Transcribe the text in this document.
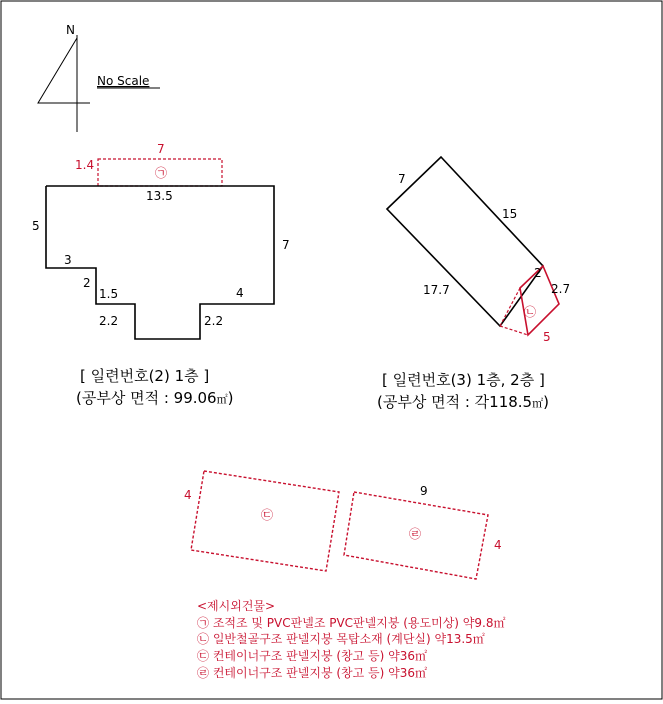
N
No Scale
7
1.4
㉠
13.5
5
3
2
1.5
2.2	2.2
4
7
[ 일련번호(2) 1층 ]
(공부상 면적 : 99.06㎡)
7
15
17.7
2
2.7
5
㉡
[ 일련번호(3) 1층, 2층 ]
(공부상 면적 : 각118.5㎡)
4	9
4
㉢
㉣
<제시외건물>
㉠ 조적조 및 PVC판넬조 PVC판넬지붕 (용도미상) 약9.8㎡
㉡ 일반철골구조 판넬지붕 목탑소재 (계단실) 약13.5㎡
㉢ 컨테이너구조 판넬지붕 (창고 등) 약36㎡
㉣ 컨테이너구조 판넬지붕 (창고 등) 약36㎡
